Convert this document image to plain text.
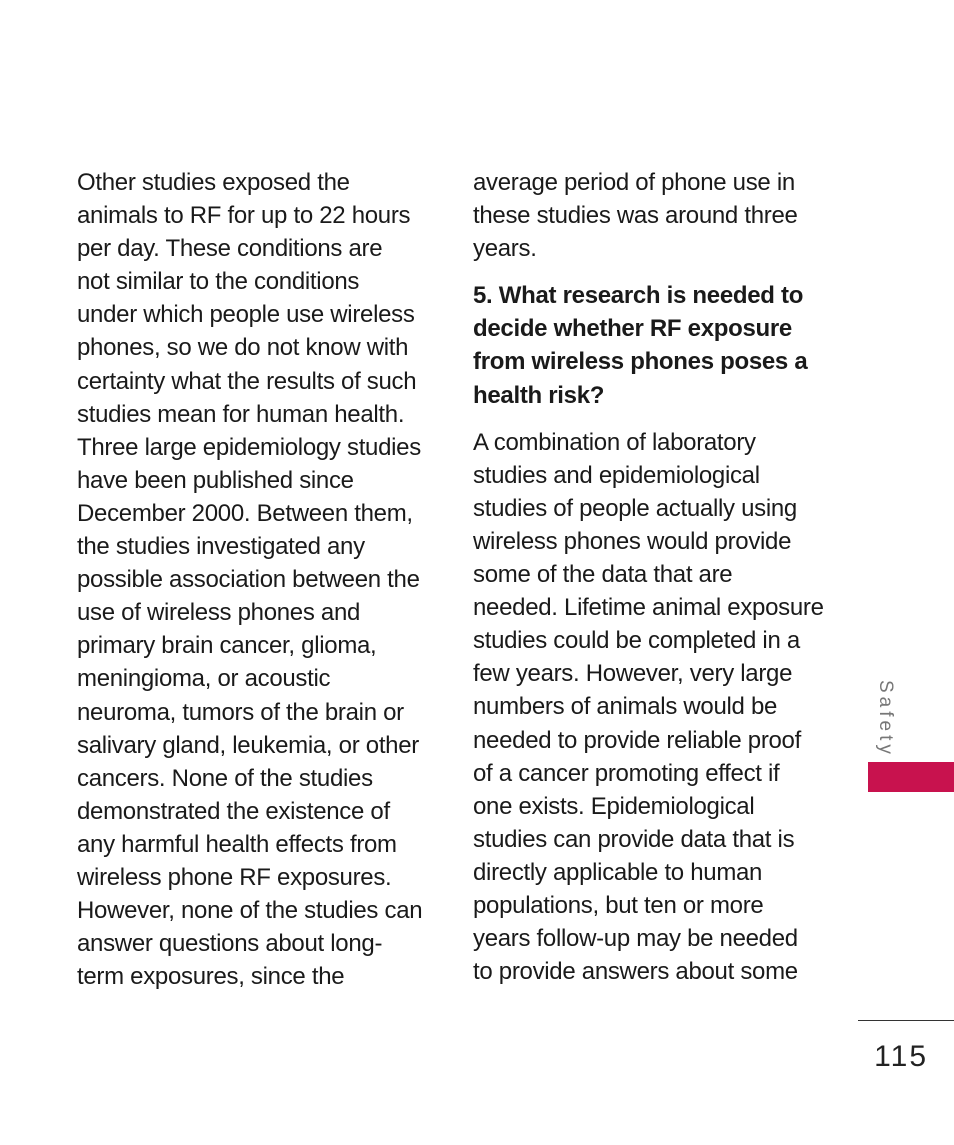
Other studies exposed the
animals to RF for up to 22 hours
per day. These conditions are
not similar to the conditions
under which people use wireless
phones, so we do not know with
certainty what the results of such
studies mean for human health.
Three large epidemiology studies
have been published since
December 2000. Between them,
the studies investigated any
possible association between the
use of wireless phones and
primary brain cancer, glioma,
meningioma, or acoustic
neuroma, tumors of the brain or
salivary gland, leukemia, or other
cancers. None of the studies
demonstrated the existence of
any harmful health effects from
wireless phone RF exposures.
However, none of the studies can
answer questions about long-
term exposures, since the

average period of phone use in
these studies was around three
years.

5. What research is needed to
decide whether RF exposure
from wireless phones poses a
health risk?

A combination of laboratory
studies and epidemiological
studies of people actually using
wireless phones would provide
some of the data that are
needed. Lifetime animal exposure
studies could be completed in a
few years. However, very large
numbers of animals would be
needed to provide reliable proof
of a cancer promoting effect if
one exists. Epidemiological
studies can provide data that is
directly applicable to human
populations, but ten or more
years follow-up may be needed
to provide answers about some

Safety
115
